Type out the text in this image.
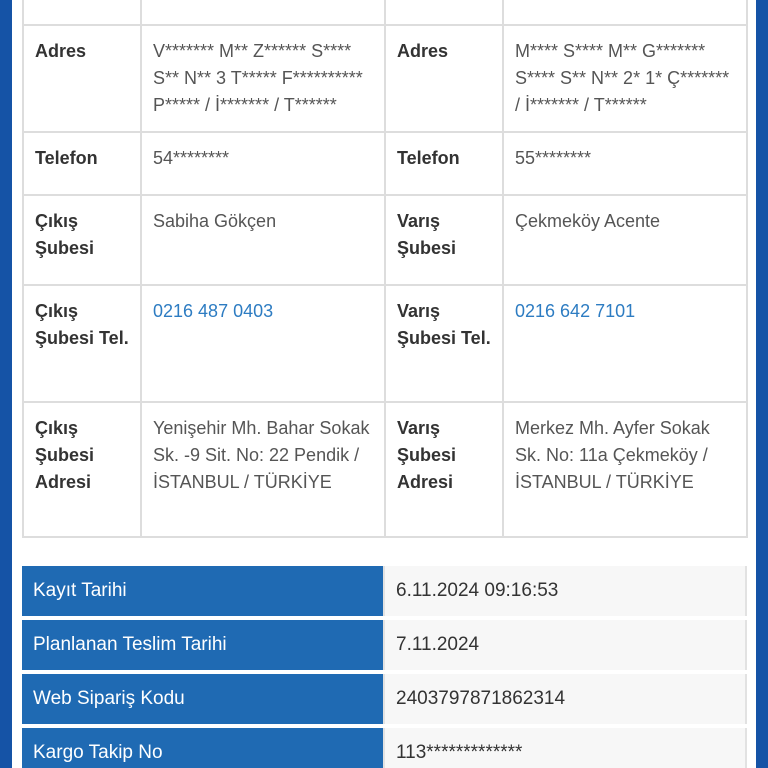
Adres	V******* M** Z****** S**** S** N** 3 T***** F********** P***** / İ******* / T******	Adres	M**** S**** M** G******* S**** S** N** 2* 1* Ç******* / İ******* / T******
Telefon	54********	Telefon	55********
Çıkış Şubesi	Sabiha Gökçen	Varış Şubesi	Çekmeköy Acente
Çıkış Şubesi Tel.	0216 487 0403	Varış Şubesi Tel.	0216 642 7101
Çıkış Şubesi Adresi	Yenişehir Mh. Bahar Sokak Sk. -9 Sit. No: 22 Pendik / İSTANBUL / TÜRKİYE	Varış Şubesi Adresi	Merkez Mh. Ayfer Sokak Sk. No: 11a Çekmeköy / İSTANBUL / TÜRKİYE
Kayıt Tarihi	6.11.2024 09:16:53
Planlanan Teslim Tarihi	7.11.2024
Web Sipariş Kodu	2403797871862314
Kargo Takip No	113*************
